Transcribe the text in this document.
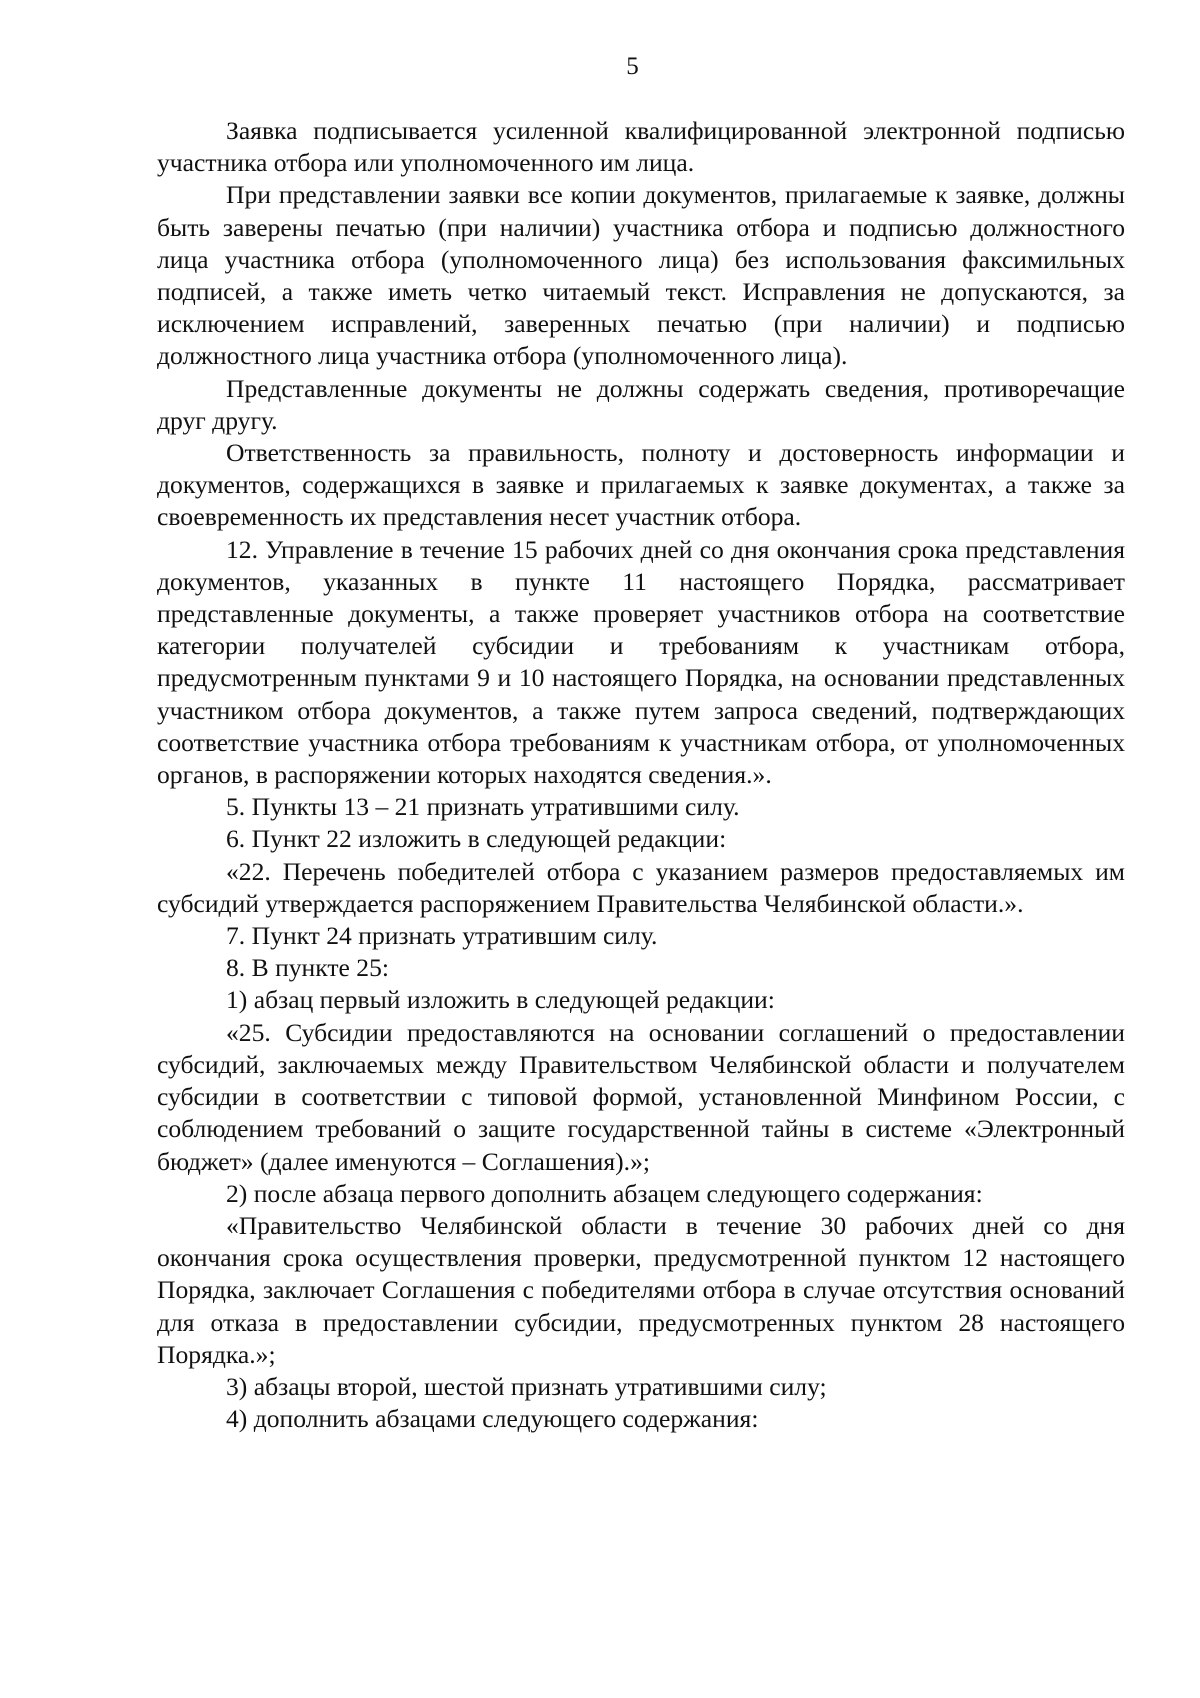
5

Заявка подписывается усиленной квалифицированной электронной подписью участника отбора или уполномоченного им лица.

При представлении заявки все копии документов, прилагаемые к заявке, должны быть заверены печатью (при наличии) участника отбора и подписью должностного лица участника отбора (уполномоченного лица) без использования факсимильных подписей, а также иметь четко читаемый текст. Исправления не допускаются, за исключением исправлений, заверенных печатью (при наличии) и подписью должностного лица участника отбора (уполномоченного лица).

Представленные документы не должны содержать сведения, противоречащие друг другу.

Ответственность за правильность, полноту и достоверность информации и документов, содержащихся в заявке и прилагаемых к заявке документах, а также за своевременность их представления несет участник отбора.

12. Управление в течение 15 рабочих дней со дня окончания срока представления документов, указанных в пункте 11 настоящего Порядка, рассматривает представленные документы, а также проверяет участников отбора на соответствие категории получателей субсидии и требованиям к участникам отбора, предусмотренным пунктами 9 и 10 настоящего Порядка, на основании представленных участником отбора документов, а также путем запроса сведений, подтверждающих соответствие участника отбора требованиям к участникам отбора, от уполномоченных органов, в распоряжении которых находятся сведения.».

5. Пункты 13 – 21 признать утратившими силу.

6. Пункт 22 изложить в следующей редакции:

«22. Перечень победителей отбора с указанием размеров предоставляемых им субсидий утверждается распоряжением Правительства Челябинской области.».

7. Пункт 24 признать утратившим силу.

8. В пункте 25:

1) абзац первый изложить в следующей редакции:

«25. Субсидии предоставляются на основании соглашений о предоставлении субсидий, заключаемых между Правительством Челябинской области и получателем субсидии в соответствии с типовой формой, установленной Минфином России, с соблюдением требований о защите государственной тайны в системе «Электронный бюджет» (далее именуются – Соглашения).»;

2) после абзаца первого дополнить абзацем следующего содержания:

«Правительство Челябинской области в течение 30 рабочих дней со дня окончания срока осуществления проверки, предусмотренной пунктом 12 настоящего Порядка, заключает Соглашения с победителями отбора в случае отсутствия оснований для отказа в предоставлении субсидии, предусмотренных пунктом 28 настоящего Порядка.»;

3) абзацы второй, шестой признать утратившими силу;

4) дополнить абзацами следующего содержания:
